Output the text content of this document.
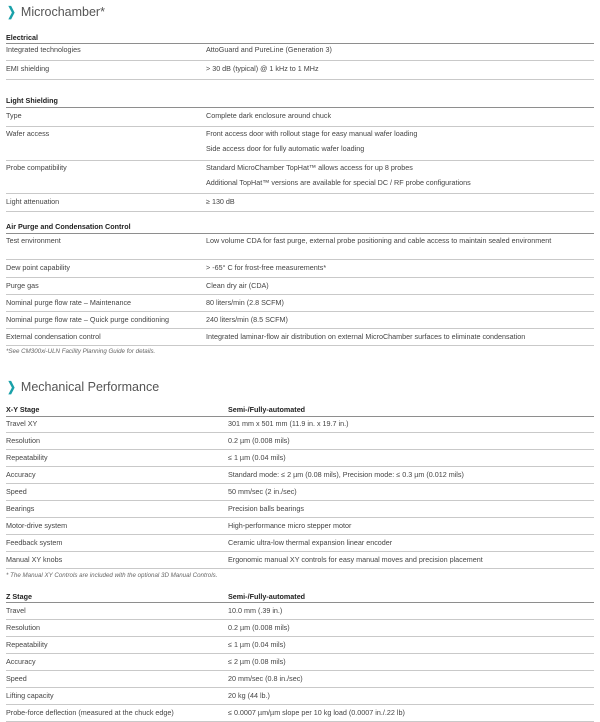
❯ Microchamber*
Electrical
Integrated technologies	AttoGuard and PureLine (Generation 3)
EMI shielding	> 30 dB (typical) @ 1 kHz to 1 MHz
Light Shielding
Type	Complete dark enclosure around chuck
Wafer access	Front access door with rollout stage for easy manual wafer loading
Side access door for fully automatic wafer loading
Probe compatibility	Standard MicroChamber TopHat™ allows access for up 8 probes
Additional TopHat™ versions are available for special DC / RF probe configurations
Light attenuation	≥ 130 dB
Air Purge and Condensation Control
Test environment	Low volume CDA for fast purge, external probe positioning and cable access to maintain sealed environment
Dew point capability	> -65° C for frost-free measurements*
Purge gas	Clean dry air (CDA)
Nominal purge flow rate – Maintenance	80 liters/min (2.8 SCFM)
Nominal purge flow rate – Quick purge conditioning	240 liters/min (8.5 SCFM)
External condensation control	Integrated laminar-flow air distribution on external MicroChamber surfaces to eliminate condensation
*See CM300xi-ULN Facility Planning Guide for details.
❯ Mechanical Performance
X-Y Stage	Semi-/Fully-automated
Travel XY	301 mm x 501 mm (11.9 in. x 19.7 in.)
Resolution	0.2 µm (0.008 mils)
Repeatability	≤ 1 µm (0.04 mils)
Accuracy	Standard mode: ≤ 2 µm (0.08 mils), Precision mode: ≤ 0.3 µm (0.012 mils)
Speed	50 mm/sec (2 in./sec)
Bearings	Precision balls bearings
Motor-drive system	High-performance micro stepper motor
Feedback system	Ceramic ultra-low thermal expansion linear encoder
Manual XY knobs	Ergonomic manual XY controls for easy manual moves and precision placement
* The Manual XY Controls are included with the optional 3D Manual Controls.
Z Stage	Semi-/Fully-automated
Travel	10.0 mm (.39 in.)
Resolution	0.2 µm (0.008 mils)
Repeatability	≤ 1 µm (0.04 mils)
Accuracy	≤ 2 µm (0.08 mils)
Speed	20 mm/sec (0.8 in./sec)
Lifting capacity	20 kg (44 lb.)
Probe-force deflection (measured at the chuck edge)	≤ 0.0007 µm/µm slope per 10 kg load (0.0007 in./.22 lb)
